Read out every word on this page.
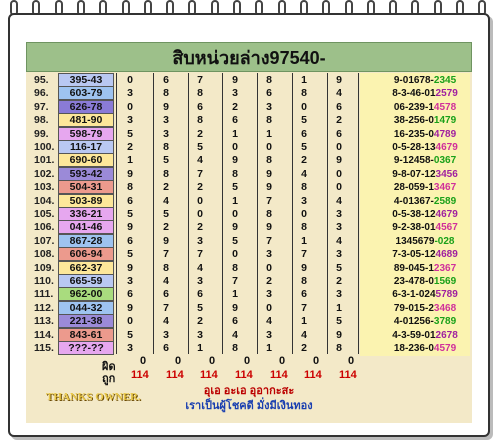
สิบหน่วยล่าง97540-
95.	395-43	0	6	7	9	8	1	9	9-01678-2345
96.	603-79	3	8	8	3	6	8	4	8-3-46-012579
97.	626-78	0	9	6	2	3	0	6	06-239-14578
98.	481-90	3	3	8	6	8	5	2	38-256-01479
99.	598-79	5	3	2	1	1	6	6	16-235-04789
100.	116-17	2	8	5	0	0	5	0	0-5-28-134679
101.	690-60	1	5	4	9	8	2	9	9-12458-0367
102.	593-42	9	8	7	8	9	4	0	9-8-07-123456
103.	504-31	8	2	2	5	9	8	0	28-059-13467
104.	503-89	6	4	0	1	7	3	4	4-01367-2589
105.	336-21	5	5	0	0	8	0	3	0-5-38-124679
106.	041-46	9	2	2	9	9	8	3	9-2-38-014567
107.	867-28	6	9	3	5	7	1	4	1345679-028
108.	606-94	5	7	7	0	3	7	3	7-3-05-124689
109.	662-37	9	8	4	8	0	9	5	89-045-12367
110.	665-59	3	4	3	7	2	8	2	23-478-01569
111.	962-00	6	6	6	1	3	6	3	6-3-1-0245789
112.	044-32	9	7	5	9	0	7	1	79-015-23468
113.	221-38	0	4	2	6	4	1	5	4-01256-3789
114.	843-61	5	3	3	4	3	4	9	4-3-59-012678
115.	???-??	3	6	1	8	1	2	8	18-236-04579
ผิด
ถูก
0	0	0	0	0	0	0
114 114 114 114 114 114 114
THANKS OWNER.	อุเอ อะเอ อุอากะสะ
เราเป็นผู้โชคดี มั่งมีเงินทอง
